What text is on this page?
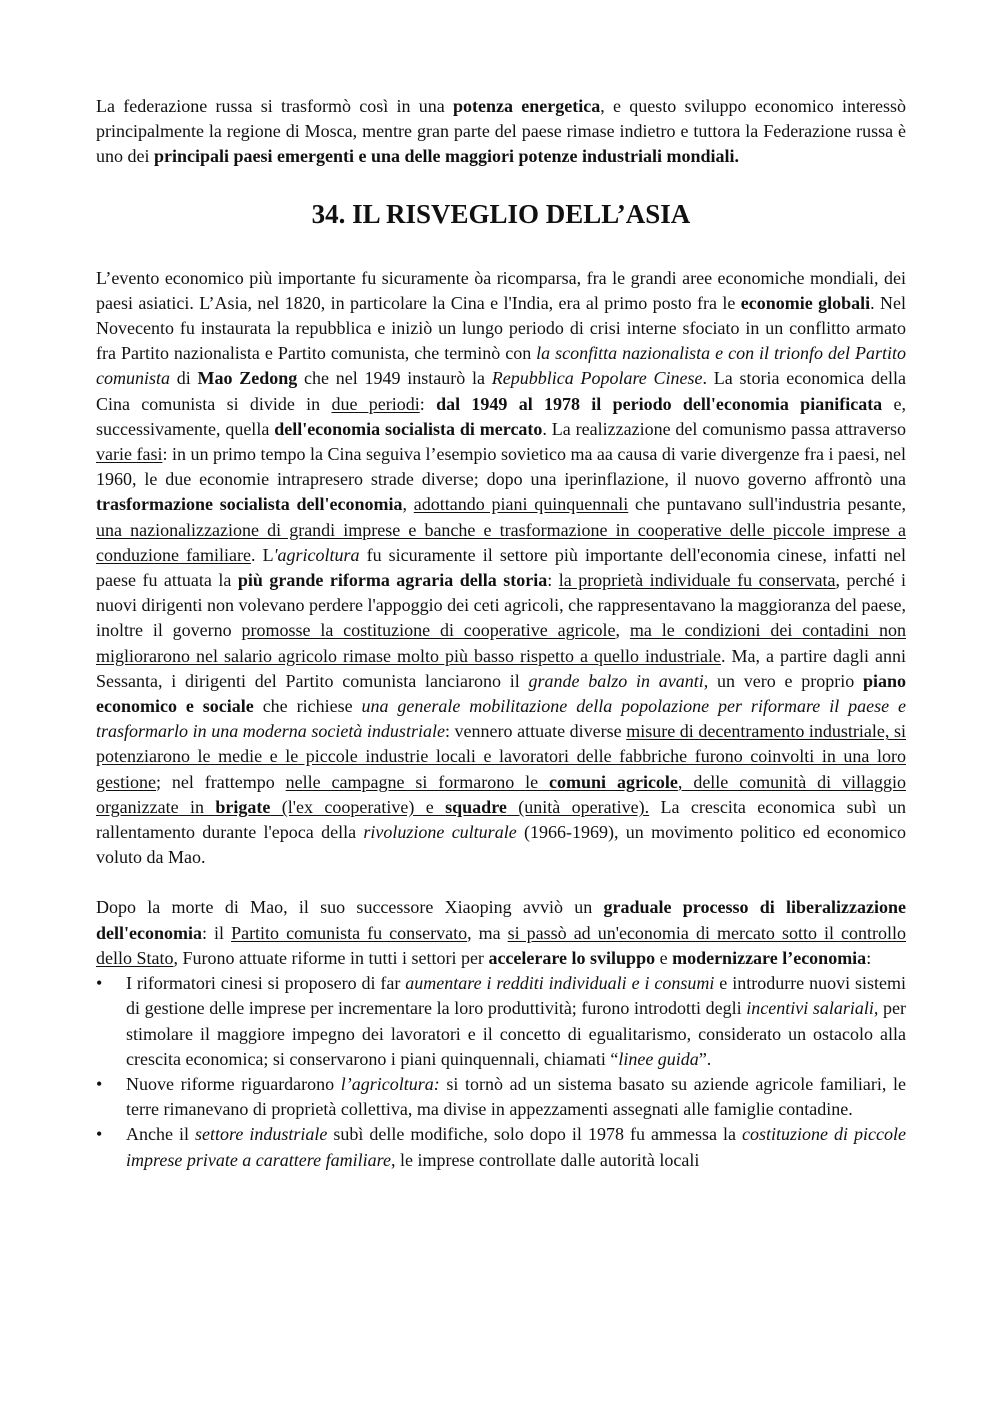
La federazione russa si trasformò così in una potenza energetica, e questo sviluppo economico interessò principalmente la regione di Mosca, mentre gran parte del paese rimase indietro e tuttora la Federazione russa è uno dei principali paesi emergenti e una delle maggiori potenze industriali mondiali.

34. IL RISVEGLIO DELL’ASIA

L’evento economico più importante fu sicuramente òa ricomparsa, fra le grandi aree economiche mondiali, dei paesi asiatici. L’Asia, nel 1820, in particolare la Cina e l'India, era al primo posto fra le economie globali. Nel Novecento fu instaurata la repubblica e iniziò un lungo periodo di crisi interne sfociato in un conflitto armato fra Partito nazionalista e Partito comunista, che terminò con la sconfitta nazionalista e con il trionfo del Partito comunista di Mao Zedong che nel 1949 instaurò la Repubblica Popolare Cinese. La storia economica della Cina comunista si divide in due periodi: dal 1949 al 1978 il periodo dell'economia pianificata e, successivamente, quella dell'economia socialista di mercato. La realizzazione del comunismo passa attraverso varie fasi: in un primo tempo la Cina seguiva l’esempio sovietico ma aa causa di varie divergenze fra i paesi, nel 1960, le due economie intrapresero strade diverse; dopo una iperinflazione, il nuovo governo affrontò una trasformazione socialista dell'economia, adottando piani quinquennali che puntavano sull'industria pesante, una nazionalizzazione di grandi imprese e banche e trasformazione in cooperative delle piccole imprese a conduzione familiare. L'agricoltura fu sicuramente il settore più importante dell'economia cinese, infatti nel paese fu attuata la più grande riforma agraria della storia: la proprietà individuale fu conservata, perché i nuovi dirigenti non volevano perdere l'appoggio dei ceti agricoli, che rappresentavano la maggioranza del paese, inoltre il governo promosse la costituzione di cooperative agricole, ma le condizioni dei contadini non migliorarono nel salario agricolo rimase molto più basso rispetto a quello industriale. Ma, a partire dagli anni Sessanta, i dirigenti del Partito comunista lanciarono il grande balzo in avanti, un vero e proprio piano economico e sociale che richiese una generale mobilitazione della popolazione per riformare il paese e trasformarlo in una moderna società industriale: vennero attuate diverse misure di decentramento industriale, si potenziarono le medie e le piccole industrie locali e lavoratori delle fabbriche furono coinvolti in una loro gestione; nel frattempo nelle campagne si formarono le comuni agricole, delle comunità di villaggio organizzate in brigate (l'ex cooperative) e squadre (unità operative). La crescita economica subì un rallentamento durante l'epoca della rivoluzione culturale (1966-1969), un movimento politico ed economico voluto da Mao.

Dopo la morte di Mao, il suo successore Xiaoping avviò un graduale processo di liberalizzazione dell'economia: il Partito comunista fu conservato, ma si passò ad un'economia di mercato sotto il controllo dello Stato, Furono attuate riforme in tutti i settori per accelerare lo sviluppo e modernizzare l’economia:

• I riformatori cinesi si proposero di far aumentare i redditi individuali e i consumi e introdurre nuovi sistemi di gestione delle imprese per incrementare la loro produttività; furono introdotti degli incentivi salariali, per stimolare il maggiore impegno dei lavoratori e il concetto di egualitarismo, considerato un ostacolo alla crescita economica; si conservarono i piani quinquennali, chiamati “linee guida”.
• Nuove riforme riguardarono l’agricoltura: si tornò ad un sistema basato su aziende agricole familiari, le terre rimanevano di proprietà collettiva, ma divise in appezzamenti assegnati alle famiglie contadine.
• Anche il settore industriale subì delle modifiche, solo dopo il 1978 fu ammessa la costituzione di piccole imprese private a carattere familiare, le imprese controllate dalle autorità locali
